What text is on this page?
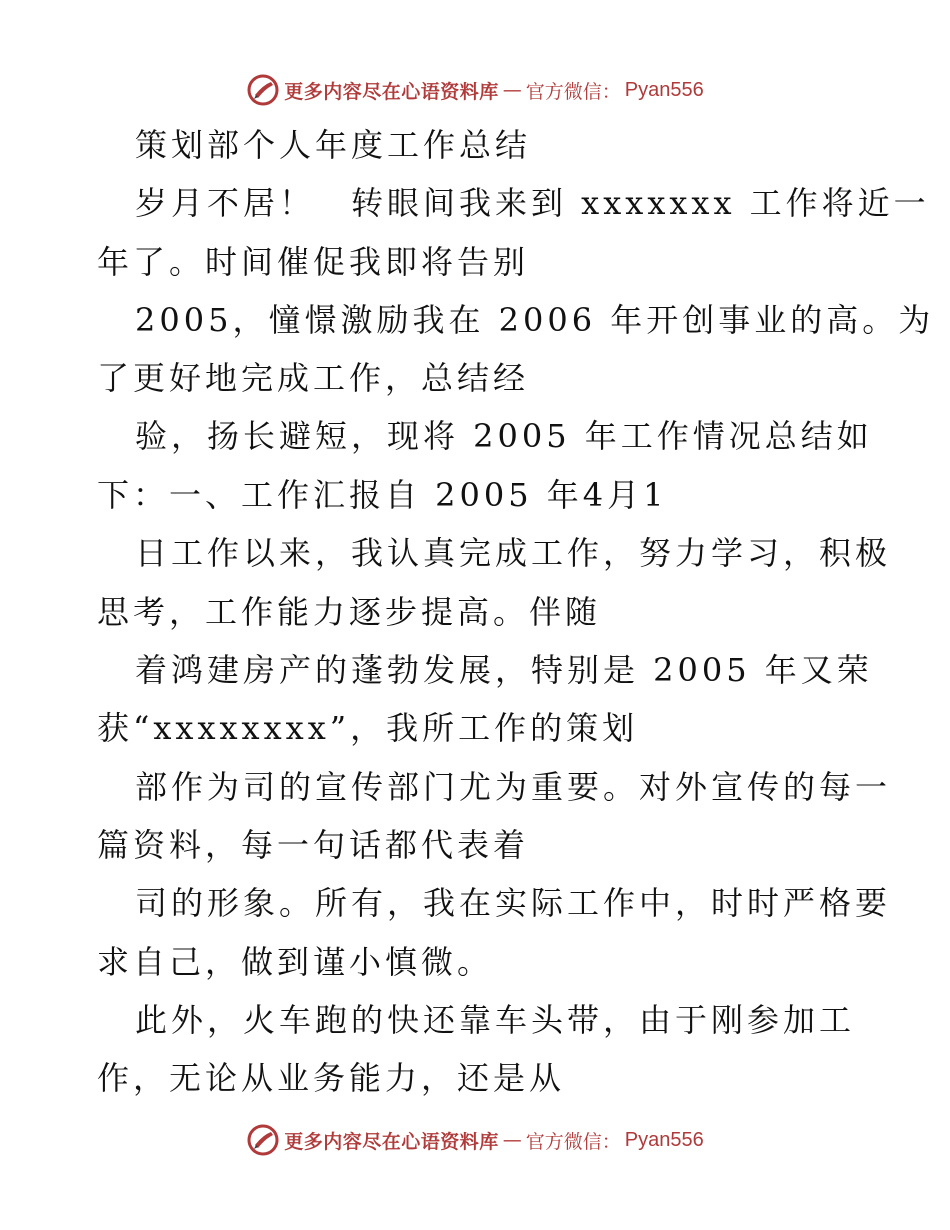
更多内容尽在心语资料库 — 官方微信： Pyan556

策划部个人年度工作总结

岁月不居！　转眼间我来到 xxxxxxx 工作将近一

年了。时间催促我即将告别

2005，憧憬激励我在 2006 年开创事业的高。为

了更好地完成工作，总结经

验，扬长避短，现将 2005 年工作情况总结如

下：一、工作汇报自 2005 年4月1

日工作以来，我认真完成工作，努力学习，积极

思考，工作能力逐步提高。伴随

着鸿建房产的蓬勃发展，特别是 2005 年又荣

获“xxxxxxxx”，我所工作的策划

部作为司的宣传部门尤为重要。对外宣传的每一

篇资料，每一句话都代表着

司的形象。所有，我在实际工作中，时时严格要

求自己，做到谨小慎微。

此外，火车跑的快还靠车头带，由于刚参加工

作，无论从业务能力，还是从

更多内容尽在心语资料库 — 官方微信： Pyan556
